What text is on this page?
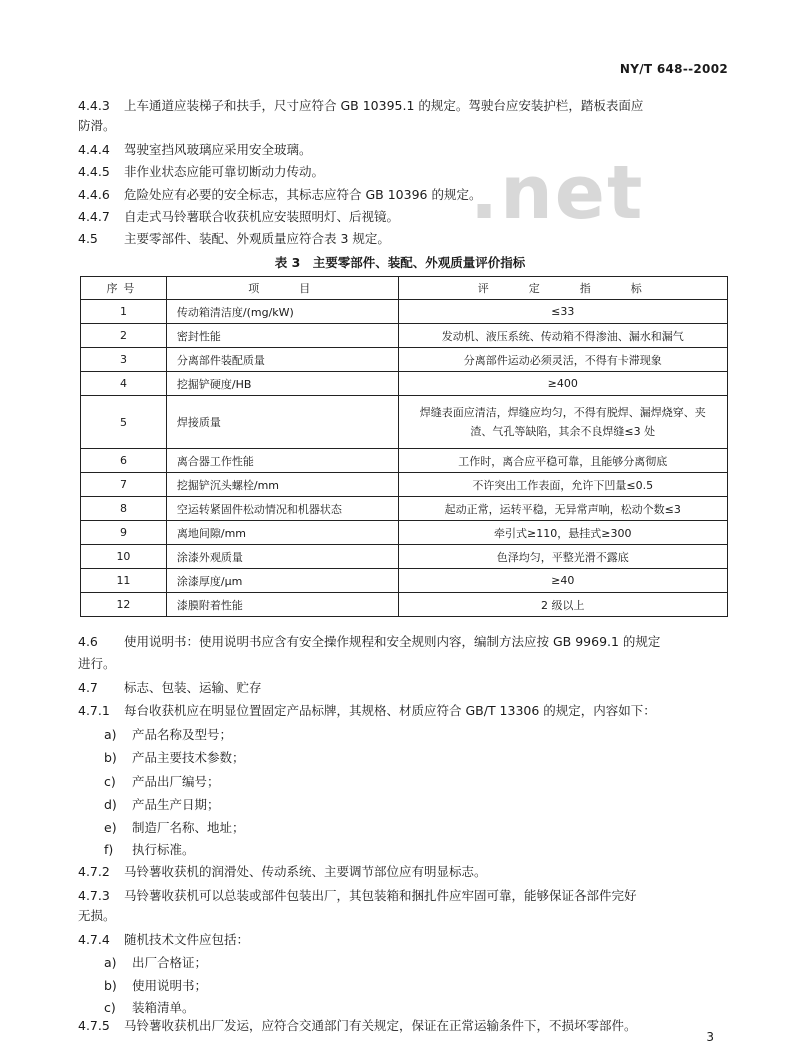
NY/T 648--2002
.net
4.4.3 上车通道应装梯子和扶手，尺寸应符合 GB 10395.1 的规定。驾驶台应安装护栏，踏板表面应
防滑。
4.4.4 驾驶室挡风玻璃应采用安全玻璃。
4.4.5 非作业状态应能可靠切断动力传动。
4.4.6 危险处应有必要的安全标志，其标志应符合 GB 10396 的规定。
4.4.7 自走式马铃薯联合收获机应安装照明灯、后视镜。
4.5 主要零部件、装配、外观质量应符合表 3 规定。
表 3　主要零部件、装配、外观质量评价指标
序号	项　　目	评　　定　　指　　标
1	传动箱清洁度/(mg/kW)	≤33
2	密封性能	发动机、液压系统、传动箱不得渗油、漏水和漏气
3	分离部件装配质量	分离部件运动必须灵活，不得有卡滞现象
4	挖掘铲硬度/HB	≥400
5	焊接质量	焊缝表面应清洁，焊缝应均匀，不得有脱焊、漏焊烧穿、夹渣、气孔等缺陷，其余不良焊缝≤3 处
6	离合器工作性能	工作时，离合应平稳可靠，且能够分离彻底
7	挖掘铲沉头螺栓/mm	不许突出工作表面，允许下凹量≤0.5
8	空运转紧固件松动情况和机器状态	起动正常，运转平稳，无异常声响，松动个数≤3
9	离地间隙/mm	牵引式≥110，悬挂式≥300
10	涂漆外观质量	色泽均匀，平整光滑不露底
11	涂漆厚度/μm	≥40
12	漆膜附着性能	2 级以上
4.6 使用说明书：使用说明书应含有安全操作规程和安全规则内容，编制方法应按 GB 9969.1 的规定
进行。
4.7 标志、包装、运输、贮存
4.7.1 每台收获机应在明显位置固定产品标牌，其规格、材质应符合 GB/T 13306 的规定，内容如下：
a) 产品名称及型号；
b) 产品主要技术参数；
c) 产品出厂编号；
d) 产品生产日期；
e) 制造厂名称、地址；
f) 执行标准。
4.7.2 马铃薯收获机的润滑处、传动系统、主要调节部位应有明显标志。
4.7.3 马铃薯收获机可以总装或部件包装出厂，其包装箱和捆扎件应牢固可靠，能够保证各部件完好
无损。
4.7.4 随机技术文件应包括：
a) 出厂合格证；
b) 使用说明书；
c) 装箱清单。
4.7.5 马铃薯收获机出厂发运，应符合交通部门有关规定，保证在正常运输条件下，不损坏零部件。
3
